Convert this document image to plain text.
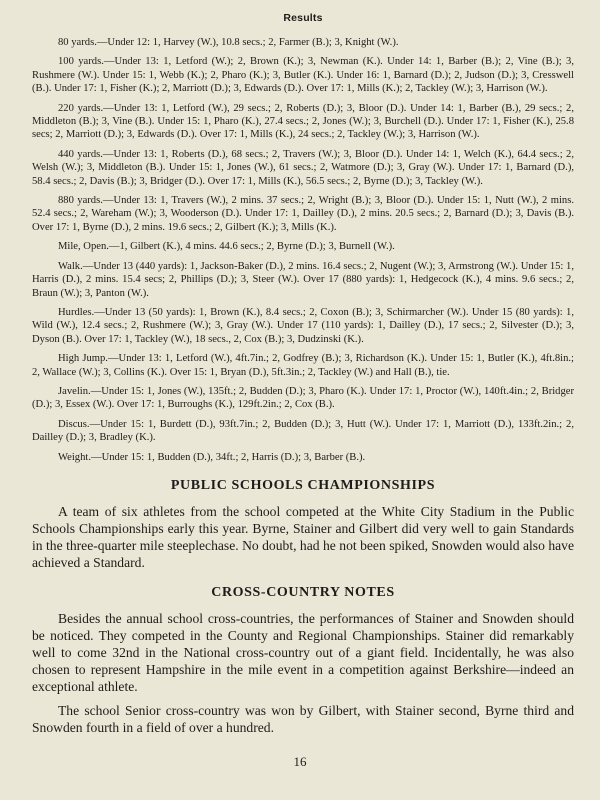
Results

80 yards.—Under 12: 1, Harvey (W.), 10.8 secs.; 2, Farmer (B.); 3, Knight (W.).

100 yards.—Under 13: 1, Letford (W.); 2, Brown (K.); 3, Newman (K.). Under 14: 1, Barber (B.); 2, Vine (B.); 3, Rushmere (W.). Under 15: 1, Webb (K.); 2, Pharo (K.); 3, Butler (K.). Under 16: 1, Barnard (D.); 2, Judson (D.); 3, Cresswell (B.). Under 17: 1, Fisher (K.); 2, Marriott (D.); 3, Edwards (D.). Over 17: 1, Mills (K.); 2, Tackley (W.); 3, Harrison (W.).

220 yards.—Under 13: 1, Letford (W.), 29 secs.; 2, Roberts (D.); 3, Bloor (D.). Under 14: 1, Barber (B.), 29 secs.; 2, Middleton (B.); 3, Vine (B.). Under 15: 1, Pharo (K.), 27.4 secs.; 2, Jones (W.); 3, Burchell (D.). Under 17: 1, Fisher (K.), 25.8 secs; 2, Marriott (D.); 3, Edwards (D.). Over 17: 1, Mills (K.), 24 secs.; 2, Tackley (W.); 3, Harrison (W.).

440 yards.—Under 13: 1, Roberts (D.), 68 secs.; 2, Travers (W.); 3, Bloor (D.). Under 14: 1, Welch (K.), 64.4 secs.; 2, Welsh (W.); 3, Middleton (B.). Under 15: 1, Jones (W.), 61 secs.; 2, Watmore (D.); 3, Gray (W.). Under 17: 1, Barnard (D.), 58.4 secs.; 2, Davis (B.); 3, Bridger (D.). Over 17: 1, Mills (K.), 56.5 secs.; 2, Byrne (D.); 3, Tackley (W.).

880 yards.—Under 13: 1, Travers (W.), 2 mins. 37 secs.; 2, Wright (B.); 3, Bloor (D.). Under 15: 1, Nutt (W.), 2 mins. 52.4 secs.; 2, Wareham (W.); 3, Wooderson (D.). Under 17: 1, Dailley (D.), 2 mins. 20.5 secs.; 2, Barnard (D.); 3, Davis (B.). Over 17: 1, Byrne (D.), 2 mins. 19.6 secs.; 2, Gilbert (K.); 3, Mills (K.).

Mile, Open.—1, Gilbert (K.), 4 mins. 44.6 secs.; 2, Byrne (D.); 3, Burnell (W.).

Walk.—Under 13 (440 yards): 1, Jackson-Baker (D.), 2 mins. 16.4 secs.; 2, Nugent (W.); 3, Armstrong (W.). Under 15: 1, Harris (D.), 2 mins. 15.4 secs; 2, Phillips (D.); 3, Steer (W.). Over 17 (880 yards): 1, Hedgecock (K.), 4 mins. 9.6 secs.; 2, Braun (W.); 3, Panton (W.).

Hurdles.—Under 13 (50 yards): 1, Brown (K.), 8.4 secs.; 2, Coxon (B.); 3, Schirmarcher (W.). Under 15 (80 yards): 1, Wild (W.), 12.4 secs.; 2, Rushmere (W.); 3, Gray (W.). Under 17 (110 yards): 1, Dailley (D.), 17 secs.; 2, Silvester (D.); 3, Dyson (B.). Over 17: 1, Tackley (W.), 18 secs., 2, Cox (B.); 3, Dudzinski (K.).

High Jump.—Under 13: 1, Letford (W.), 4ft.7in.; 2, Godfrey (B.); 3, Richardson (K.). Under 15: 1, Butler (K.), 4ft.8in.; 2, Wallace (W.); 3, Collins (K.). Over 15: 1, Bryan (D.), 5ft.3in.; 2, Tackley (W.) and Hall (B.), tie.

Javelin.—Under 15: 1, Jones (W.), 135ft.; 2, Budden (D.); 3, Pharo (K.). Under 17: 1, Proctor (W.), 140ft.4in.; 2, Bridger (D.); 3, Essex (W.). Over 17: 1, Burroughs (K.), 129ft.2in.; 2, Cox (B.).

Discus.—Under 15: 1, Burdett (D.), 93ft.7in.; 2, Budden (D.); 3, Hutt (W.). Under 17: 1, Marriott (D.), 133ft.2in.; 2, Dailley (D.); 3, Bradley (K.).

Weight.—Under 15: 1, Budden (D.), 34ft.; 2, Harris (D.); 3, Barber (B.).

PUBLIC SCHOOLS CHAMPIONSHIPS

A team of six athletes from the school competed at the White City Stadium in the Public Schools Championships early this year. Byrne, Stainer and Gilbert did very well to gain Standards in the three-quarter mile steeplechase. No doubt, had he not been spiked, Snowden would also have achieved a Standard.

CROSS-COUNTRY NOTES

Besides the annual school cross-countries, the performances of Stainer and Snowden should be noticed. They competed in the County and Regional Championships. Stainer did remarkably well to come 32nd in the National cross-country out of a giant field. Incidentally, he was also chosen to represent Hampshire in the mile event in a competition against Berkshire—indeed an exceptional athlete.

The school Senior cross-country was won by Gilbert, with Stainer second, Byrne third and Snowden fourth in a field of over a hundred.

16
